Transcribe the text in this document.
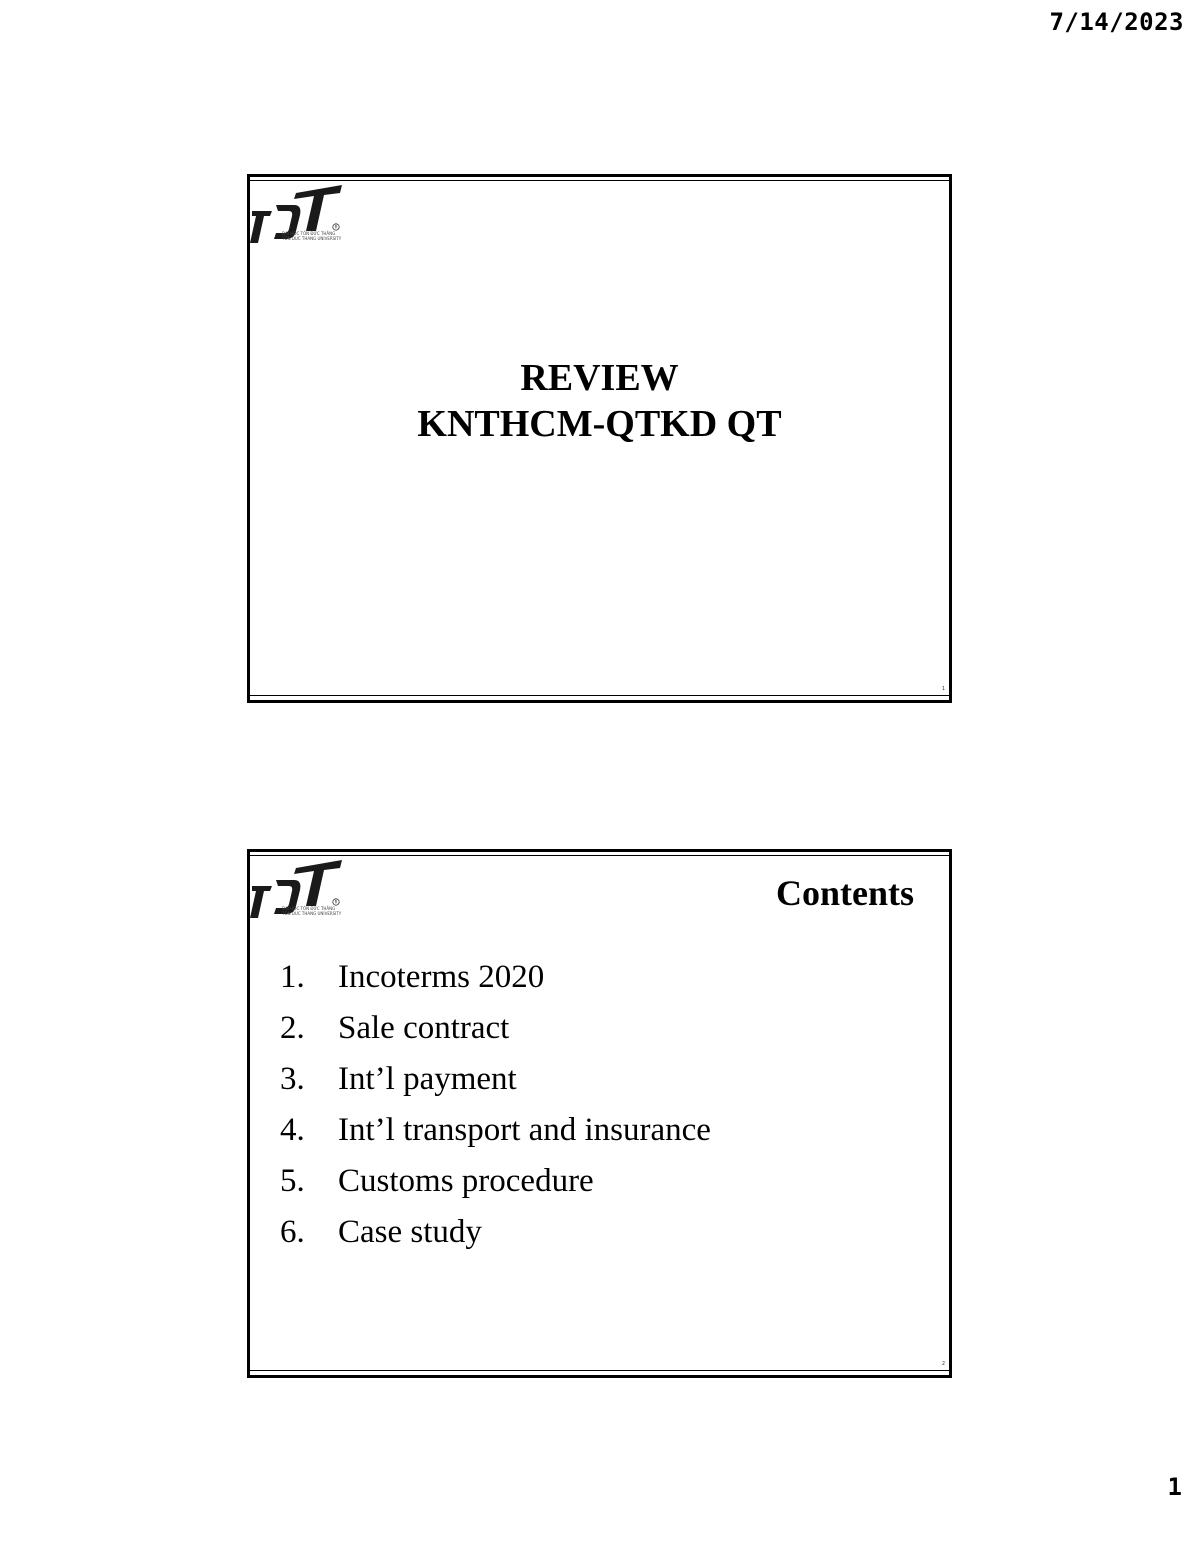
7/14/2023
R
ĐẠI HỌC TÔN ĐỨC THẮNG
TON DUC THANG UNIVERSITY
REVIEW
KNTHCM-QTKD QT
1
R
ĐẠI HỌC TÔN ĐỨC THẮNG
TON DUC THANG UNIVERSITY
Contents
1.	Incoterms 2020
2.	Sale contract
3.	Int’l payment
4.	Int’l transport and insurance
5.	Customs procedure
6.	Case study
2
1
